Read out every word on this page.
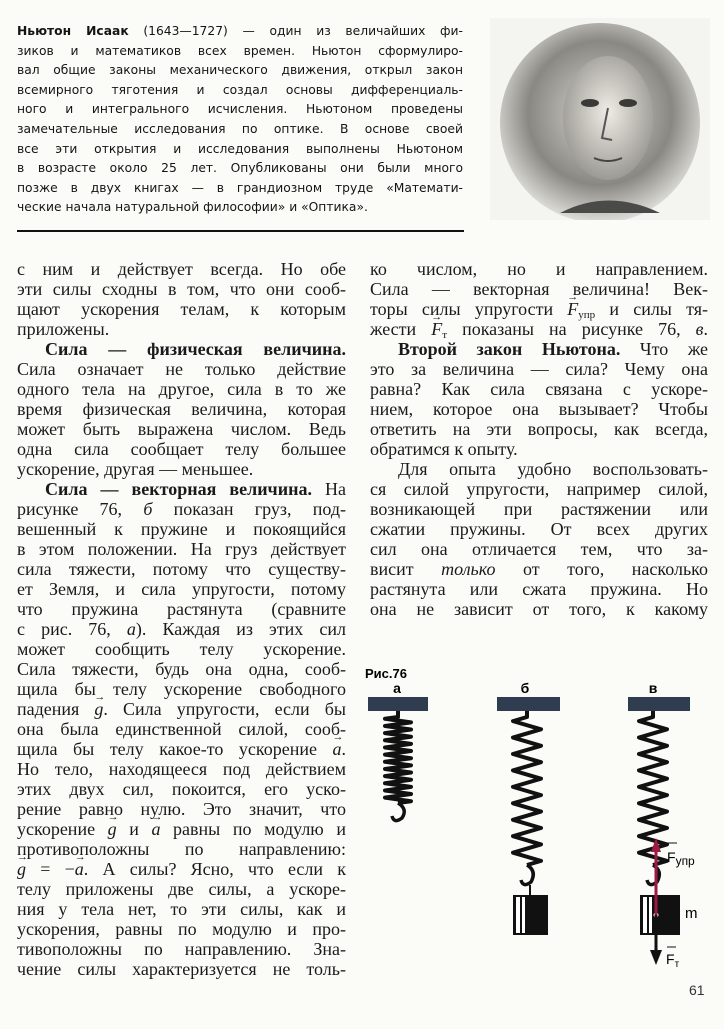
Ньютон Исаак (1643—1727) — один из величайших фи-
зиков и математиков всех времен. Ньютон сформулиро-
вал общие законы механического движения, открыл закон
всемирного тяготения и создал основы дифференциаль-
ного и интегрального исчисления. Ньютоном проведены
замечательные исследования по оптике. В основе своей
все эти открытия и исследования выполнены Ньютоном
в возрасте около 25 лет. Опубликованы они были много
позже в двух книгах — в грандиозном труде «Математи-
ческие начала натуральной философии» и «Оптика».
с ним и действует всегда. Но обе
эти силы сходны в том, что они сооб-
щают ускорения телам, к которым
приложены.
Сила — физическая величина.
Сила означает не только действие
одного тела на другое, сила в то же
время физическая величина, которая
может быть выражена числом. Ведь
одна сила сообщает телу большее
ускорение, другая — меньшее.
Сила — векторная величина. На
рисунке 76, б показан груз, под-
вешенный к пружине и покоящийся
в этом положении. На груз действует
сила тяжести, потому что существу-
ет Земля, и сила упругости, потому
что пружина растянута (сравните
с рис. 76, а). Каждая из этих сил
может сообщить телу ускорение.
Сила тяжести, будь она одна, сооб-
щила бы телу ускорение свободного
падения → g. Сила упругости, если бы
она была единственной силой, сооб-
щила бы телу какое-то ускорение → a.
Но тело, находящееся под действием
этих двух сил, покоится, его уско-
рение равно нулю. Это значит, что
ускорение → g и → a равны по модулю и
противоположны по направлению:
→ g = −→ a. А силы? Ясно, что если к
телу приложены две силы, а ускоре-
ния у тела нет, то эти силы, как и
ускорения, равны по модулю и про-
тивоположны по направлению. Зна-
чение силы характеризуется не толь-
ко числом, но и направлением.
Сила — векторная величина! Век-
торы силы упругости → $F_{упр}$ и силы тя-
жести → $F_т$ показаны на рисунке 76, в.
Второй закон Ньютона. Что же
это за величина — сила? Чему она
равна? Как сила связана с ускоре-
нием, которое она вызывает? Чтобы
ответить на эти вопросы, как всегда,
обратимся к опыту.
Для опыта удобно воспользовать-
ся силой упругости, например силой,
возникающей при растяжении или
сжатии пружины. От всех других
сил она отличается тем, что за-
висит только от того, насколько
растянута или сжата пружина. Но
она не зависит от того, к какому
Рис.76
а	б	в
Fупр
m
$F_т$
61
